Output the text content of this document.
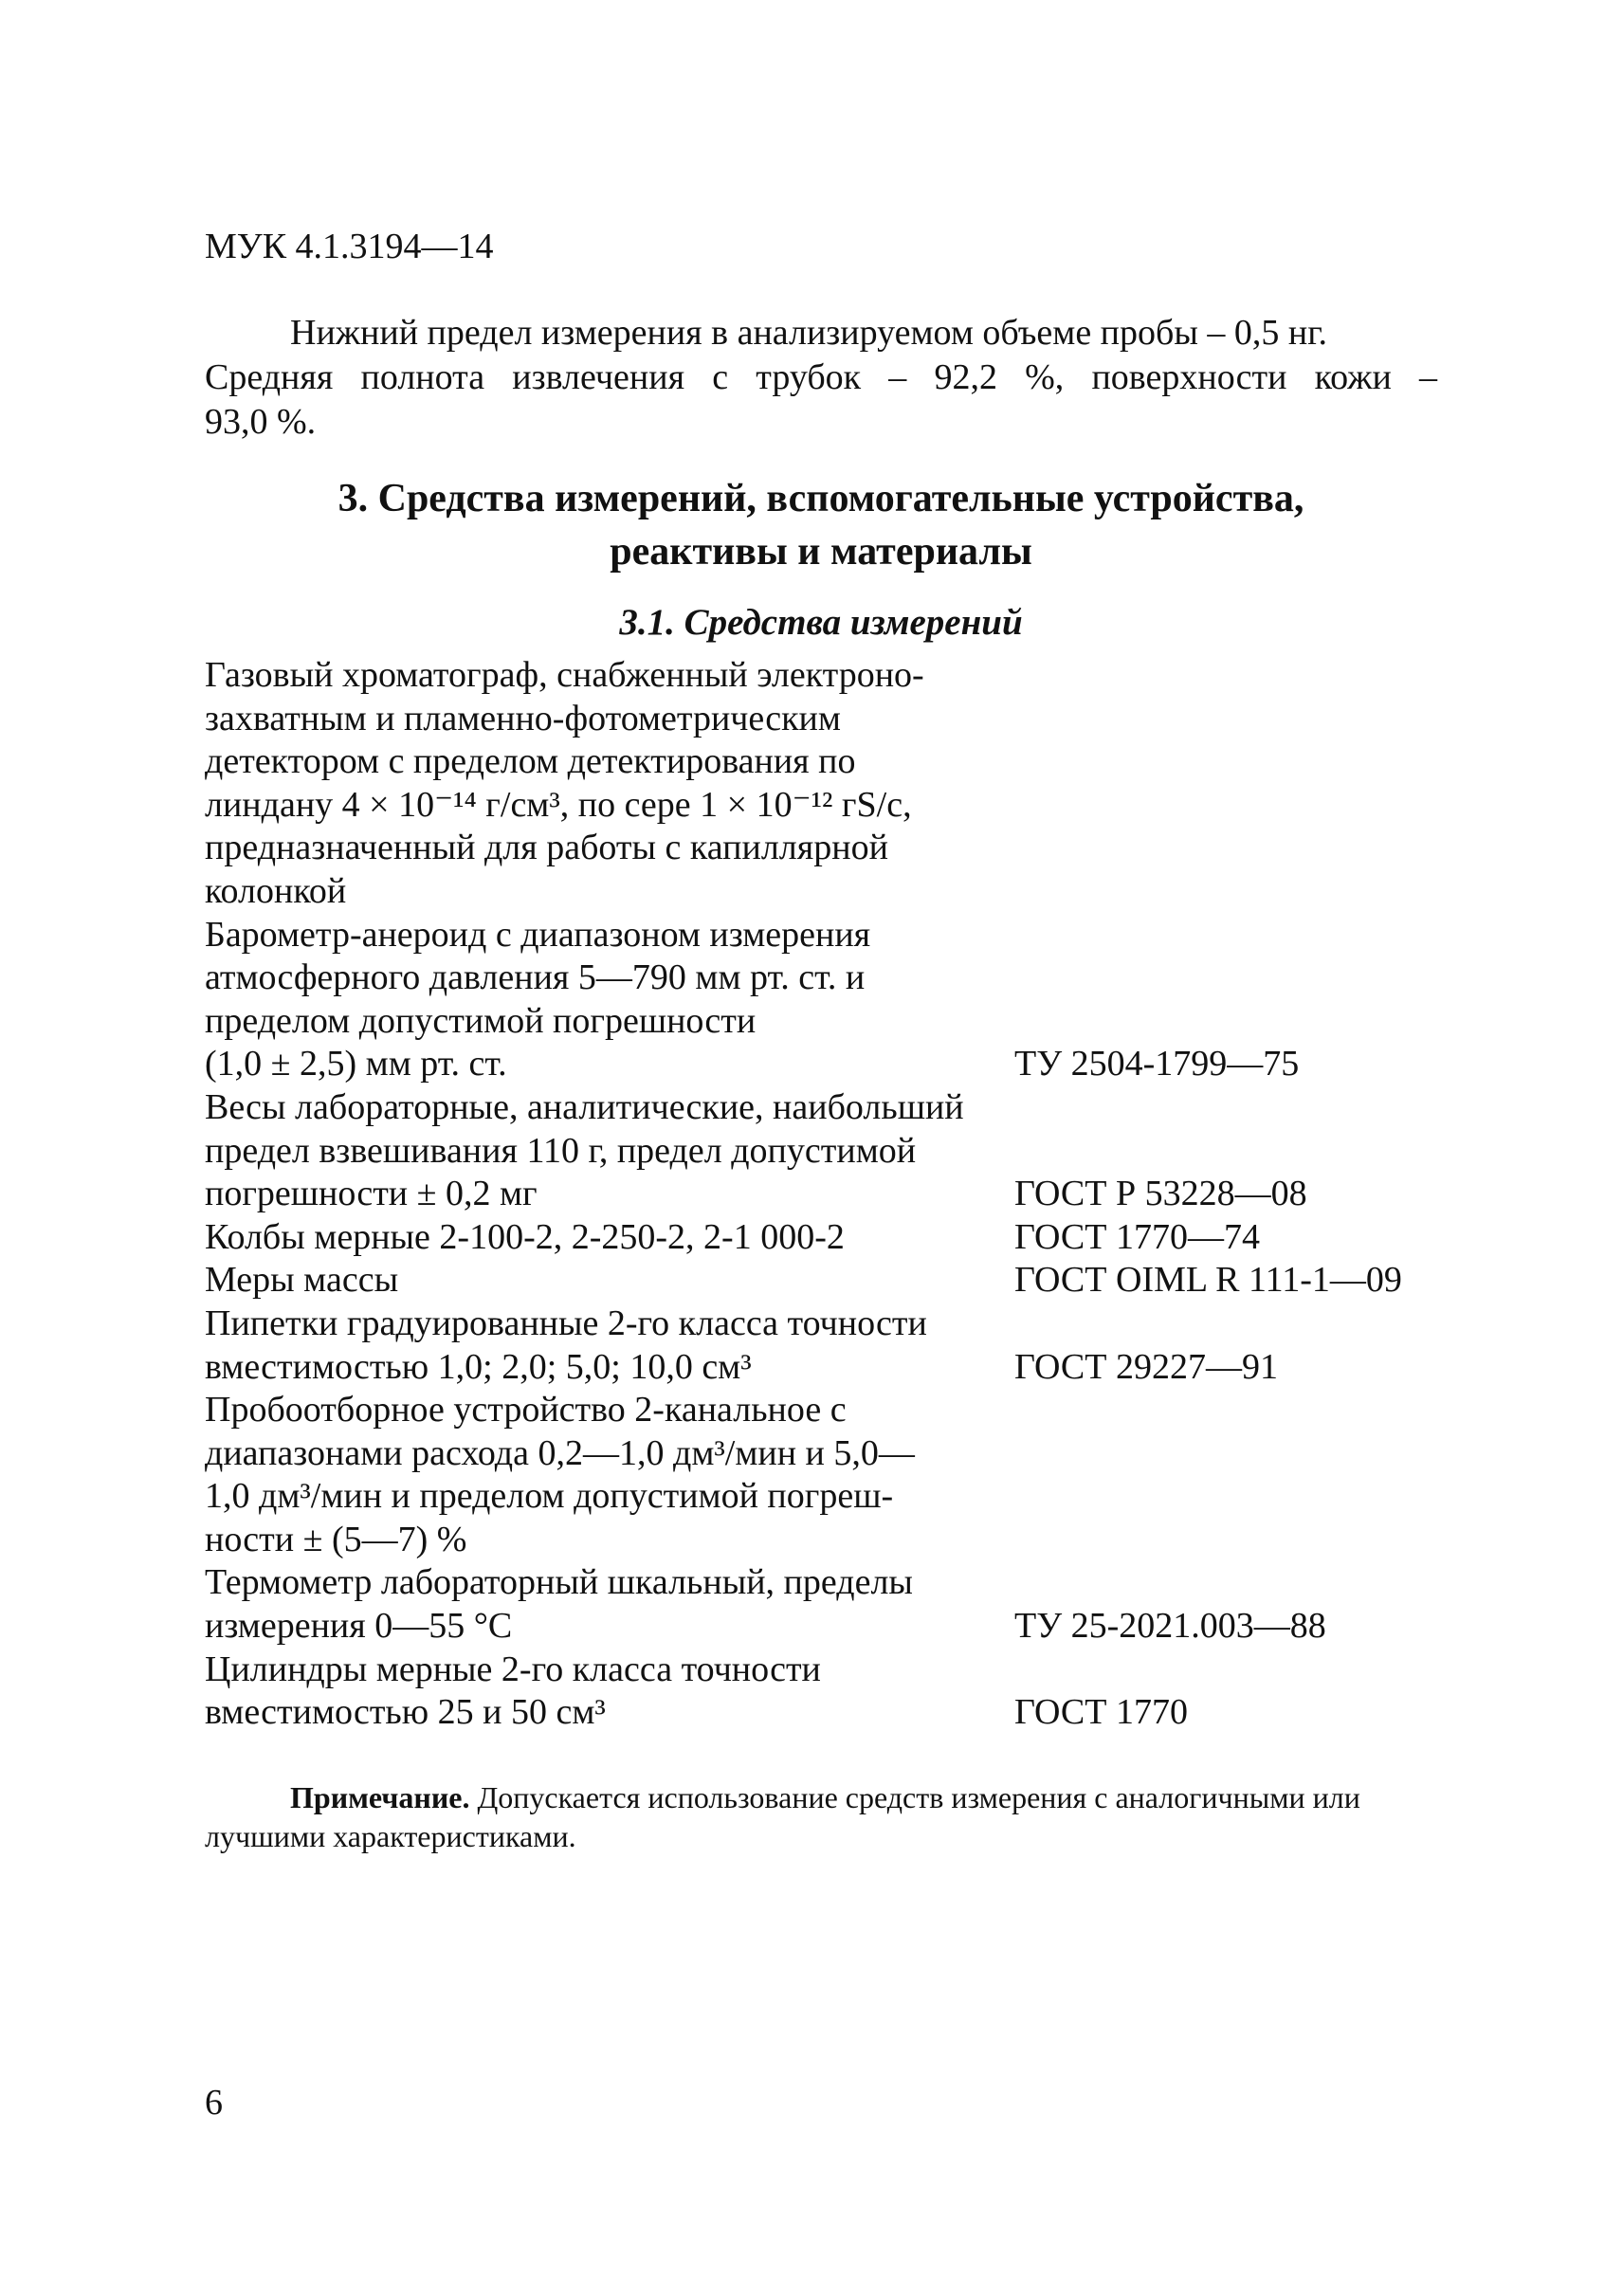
МУК 4.1.3194—14

Нижний предел измерения в анализируемом объеме пробы – 0,5 нг.

Средняя полнота извлечения с трубок – 92,2 %, поверхности кожи –

93,0 %.

3. Средства измерений, вспомогательные устройства,
реактивы и материалы
3.1. Средства измерений
Газовый хроматограф, снабженный электроно-
захватным и пламенно-фотометрическим
детектором с пределом детектирования по
линдану 4 × 10⁻¹⁴ г/см³, по сере 1 × 10⁻¹² гS/с,
предназначенный для работы с капиллярной
колонкой
Барометр-анероид с диапазоном измерения
атмосферного давления 5—790 мм рт. ст. и
пределом допустимой погрешности
(1,0 ± 2,5) мм рт. ст.	ТУ 2504-1799—75
Весы лабораторные, аналитические, наибольший
предел взвешивания 110 г, предел допустимой
погрешности ± 0,2 мг	ГОСТ Р 53228—08
Колбы мерные 2-100-2, 2-250-2, 2-1 000-2	ГОСТ 1770—74
Меры массы	ГОСТ OIML R 111-1—09
Пипетки градуированные 2-го класса точности
вместимостью 1,0; 2,0; 5,0; 10,0 см³	ГОСТ 29227—91
Пробоотборное устройство 2-канальное с
диапазонами расхода 0,2—1,0 дм³/мин и 5,0—
1,0 дм³/мин и пределом допустимой погреш-
ности ± (5—7) %
Термометр лабораторный шкальный, пределы
измерения 0—55 °С	ТУ 25-2021.003—88
Цилиндры мерные 2-го класса точности
вместимостью 25 и 50 см³	ГОСТ 1770

Примечание. Допускается использование средств измерения с аналогичными или лучшими характеристиками.

6
